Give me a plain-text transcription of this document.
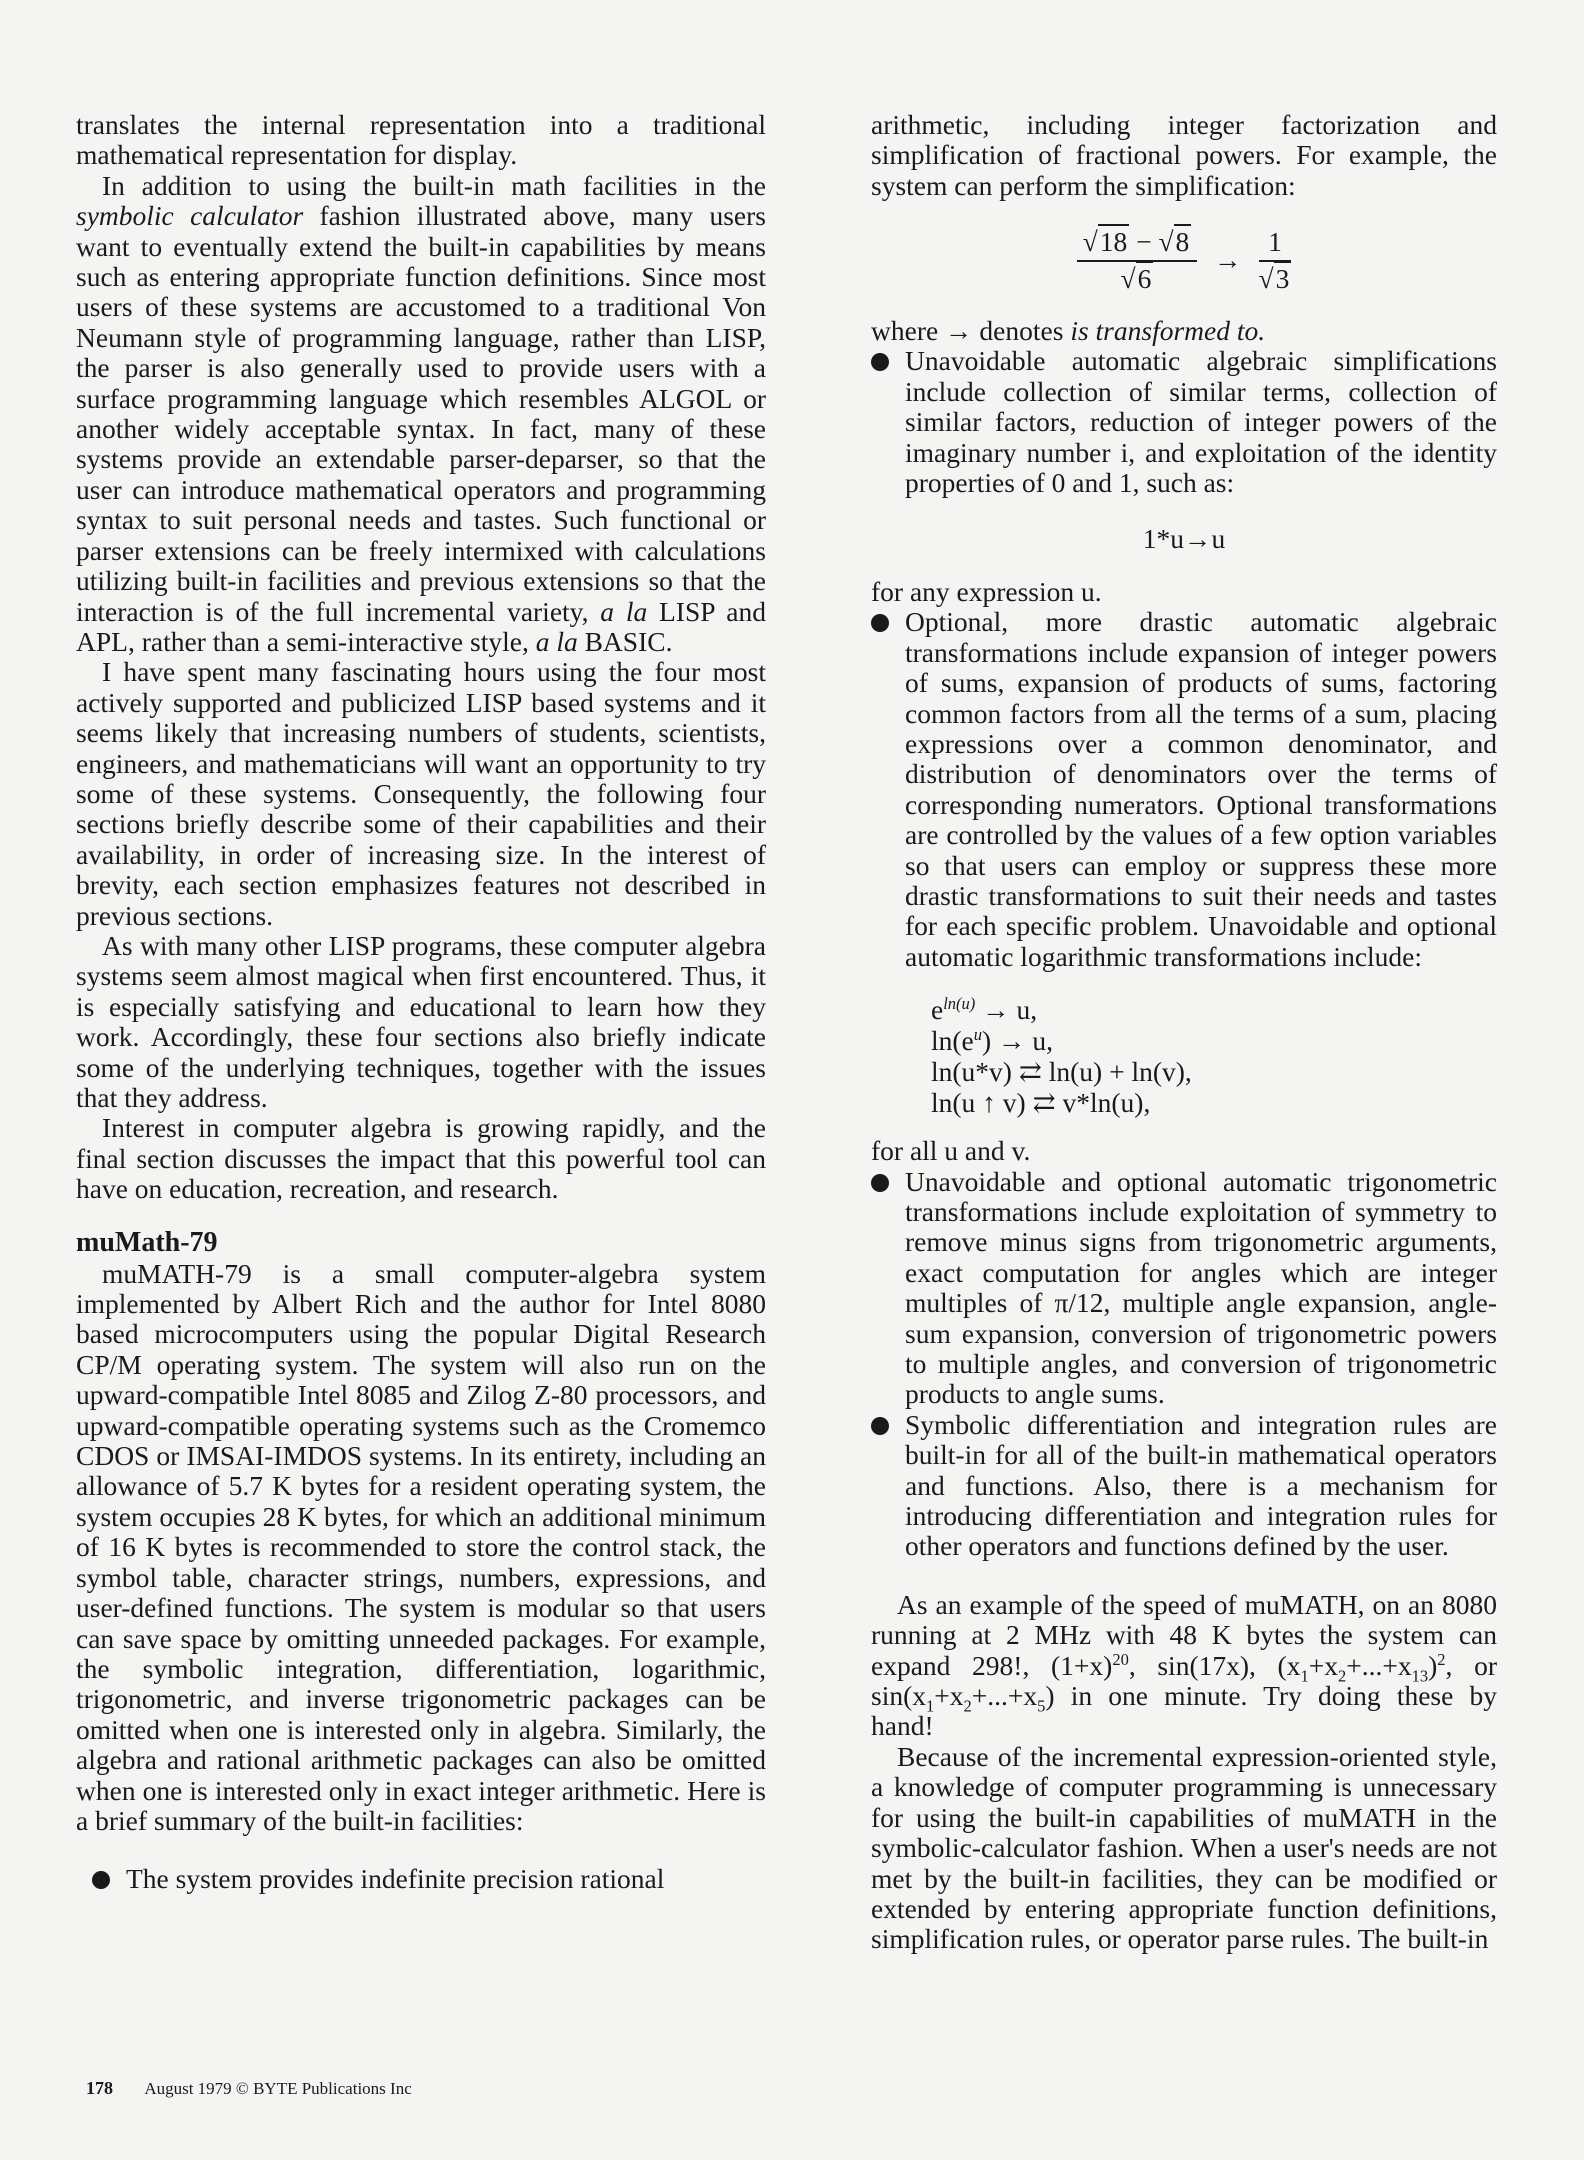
translates the internal representation into a traditional mathematical representation for display.

In addition to using the built-in math facilities in the symbolic calculator fashion illustrated above, many users want to eventually extend the built-in capabilities by means such as entering appropriate function definitions. Since most users of these systems are accustomed to a traditional Von Neumann style of programming language, rather than LISP, the parser is also generally used to provide users with a surface programming language which resembles ALGOL or another widely acceptable syntax. In fact, many of these systems provide an extendable parser-deparser, so that the user can introduce mathematical operators and programming syntax to suit personal needs and tastes. Such functional or parser extensions can be freely intermixed with calculations utilizing built-in facilities and previous extensions so that the interaction is of the full incremental variety, a la LISP and APL, rather than a semi-interactive style, a la BASIC.

I have spent many fascinating hours using the four most actively supported and publicized LISP based systems and it seems likely that increasing numbers of students, scientists, engineers, and mathematicians will want an opportunity to try some of these systems. Consequently, the following four sections briefly describe some of their capabilities and their availability, in order of increasing size. In the interest of brevity, each section emphasizes features not described in previous sections.

As with many other LISP programs, these computer algebra systems seem almost magical when first encountered. Thus, it is especially satisfying and educational to learn how they work. Accordingly, these four sections also briefly indicate some of the underlying techniques, together with the issues that they address.

Interest in computer algebra is growing rapidly, and the final section discusses the impact that this powerful tool can have on education, recreation, and research.

muMath-79

muMATH-79 is a small computer-algebra system implemented by Albert Rich and the author for Intel 8080 based microcomputers using the popular Digital Research CP/M operating system. The system will also run on the upward-compatible Intel 8085 and Zilog Z-80 processors, and upward-compatible operating systems such as the Cromemco CDOS or IMSAI-IMDOS systems. In its entirety, including an allowance of 5.7 K bytes for a resident operating system, the system occupies 28 K bytes, for which an additional minimum of 16 K bytes is recommended to store the control stack, the symbol table, character strings, numbers, expressions, and user-defined functions. The system is modular so that users can save space by omitting unneeded packages. For example, the symbolic integration, differentiation, logarithmic, trigonometric, and inverse trigonometric packages can be omitted when one is interested only in algebra. Similarly, the algebra and rational arithmetic packages can also be omitted when one is interested only in exact integer arithmetic. Here is a brief summary of the built-in facilities:

The system provides indefinite precision rational

arithmetic, including integer factorization and simplification of fractional powers. For example, the system can perform the simplification:

$\frac{√18 - √8}{√6} \to \frac{1}{√3}$

where → denotes is transformed to.

Unavoidable automatic algebraic simplifications include collection of similar terms, collection of similar factors, reduction of integer powers of the imaginary number i, and exploitation of the identity properties of 0 and 1, such as:
1*u→u

for any expression u.

Optional, more drastic automatic algebraic transformations include expansion of integer powers of sums, expansion of products of sums, factoring common factors from all the terms of a sum, placing expressions over a common denominator, and distribution of denominators over the terms of corresponding numerators. Optional transformations are controlled by the values of a few option variables so that users can employ or suppress these more drastic transformations to suit their needs and tastes for each specific problem. Unavoidable and optional automatic logarithmic transformations include:
$e^{ln(u)} \to u$,
$\ln(e^u) \to u$,
ln(u*v) ⇄ ln(u) + ln(v),
ln(u ↑ v) ⇄ v*ln(u),

for all u and v.

Unavoidable and optional automatic trigonometric transformations include exploitation of symmetry to remove minus signs from trigonometric arguments, exact computation for angles which are integer multiples of π/12, multiple angle expansion, angle-sum expansion, conversion of trigonometric powers to multiple angles, and conversion of trigonometric products to angle sums.
Symbolic differentiation and integration rules are built-in for all of the built-in mathematical operators and functions. Also, there is a mechanism for introducing differentiation and integration rules for other operators and functions defined by the user.

As an example of the speed of muMATH, on an 8080 running at 2 MHz with 48 K bytes the system can expand 298!, $(1+x)^{20}$, sin(17x), $(x_1+x_2+...+x_{13})^2$, or $\sin(x_1+x_2+...+x_5)$ in one minute. Try doing these by hand!

Because of the incremental expression-oriented style, a knowledge of computer programming is unnecessary for using the built-in capabilities of muMATH in the symbolic-calculator fashion. When a user's needs are not met by the built-in facilities, they can be modified or extended by entering appropriate function definitions, simplification rules, or operator parse rules. The built-in

178 August 1979 © BYTE Publications Inc
